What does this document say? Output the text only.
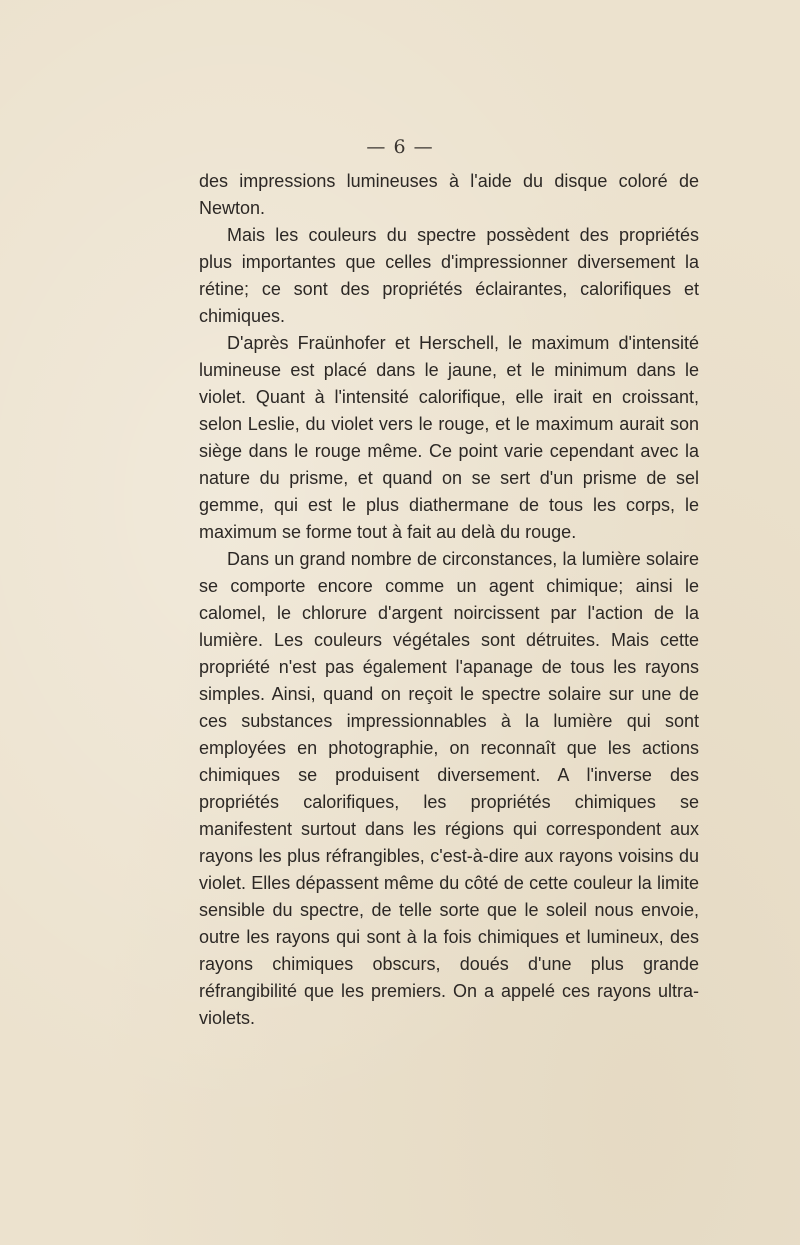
— 6 —

des impressions lumineuses à l'aide du disque coloré de Newton.

Mais les couleurs du spectre possèdent des propriétés plus importantes que celles d'impressionner diversement la rétine; ce sont des propriétés éclairantes, calorifiques et chimiques.

D'après Fraünhofer et Herschell, le maximum d'intensité lumineuse est placé dans le jaune, et le minimum dans le violet. Quant à l'intensité calorifique, elle irait en croissant, selon Leslie, du violet vers le rouge, et le maximum aurait son siège dans le rouge même. Ce point varie cependant avec la nature du prisme, et quand on se sert d'un prisme de sel gemme, qui est le plus diathermane de tous les corps, le maximum se forme tout à fait au delà du rouge.

Dans un grand nombre de circonstances, la lumière solaire se comporte encore comme un agent chimique; ainsi le calomel, le chlorure d'argent noircissent par l'action de la lumière. Les couleurs végétales sont détruites. Mais cette propriété n'est pas également l'apanage de tous les rayons simples. Ainsi, quand on reçoit le spectre solaire sur une de ces substances impressionnables à la lumière qui sont employées en photographie, on reconnaît que les actions chimiques se produisent diversement. A l'inverse des propriétés calorifiques, les propriétés chimiques se manifestent surtout dans les régions qui correspondent aux rayons les plus réfrangibles, c'est-à-dire aux rayons voisins du violet. Elles dépassent même du côté de cette couleur la limite sensible du spectre, de telle sorte que le soleil nous envoie, outre les rayons qui sont à la fois chimiques et lumineux, des rayons chimiques obscurs, doués d'une plus grande réfrangibilité que les premiers. On a appelé ces rayons ultra-violets.
